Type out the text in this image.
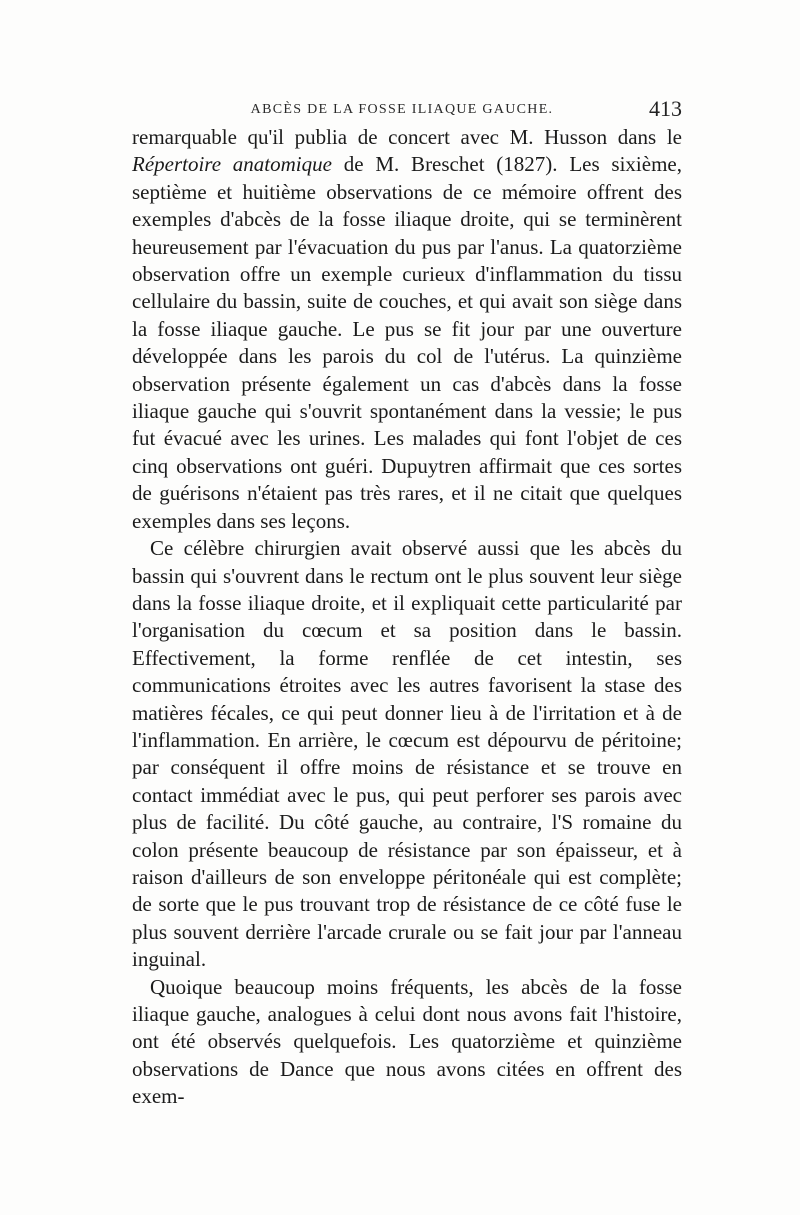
ABCÈS DE LA FOSSE ILIAQUE GAUCHE.	413

remarquable qu'il publia de concert avec M. Husson dans le Répertoire anatomique de M. Breschet (1827). Les sixième, septième et huitième observations de ce mémoire offrent des exemples d'abcès de la fosse iliaque droite, qui se terminèrent heureusement par l'évacuation du pus par l'anus. La quatorzième observation offre un exemple curieux d'inflammation du tissu cellulaire du bassin, suite de couches, et qui avait son siège dans la fosse iliaque gauche. Le pus se fit jour par une ouverture développée dans les parois du col de l'utérus. La quinzième observation présente également un cas d'abcès dans la fosse iliaque gauche qui s'ouvrit spontanément dans la vessie; le pus fut évacué avec les urines. Les malades qui font l'objet de ces cinq observations ont guéri. Dupuytren affirmait que ces sortes de guérisons n'étaient pas très rares, et il ne citait que quelques exemples dans ses leçons.

Ce célèbre chirurgien avait observé aussi que les abcès du bassin qui s'ouvrent dans le rectum ont le plus souvent leur siège dans la fosse iliaque droite, et il expliquait cette particularité par l'organisation du cœcum et sa position dans le bassin. Effectivement, la forme renflée de cet intestin, ses communications étroites avec les autres favorisent la stase des matières fécales, ce qui peut donner lieu à de l'irritation et à de l'inflammation. En arrière, le cœcum est dépourvu de péritoine; par conséquent il offre moins de résistance et se trouve en contact immédiat avec le pus, qui peut perforer ses parois avec plus de facilité. Du côté gauche, au contraire, l'S romaine du colon présente beaucoup de résistance par son épaisseur, et à raison d'ailleurs de son enveloppe péritonéale qui est complète; de sorte que le pus trouvant trop de résistance de ce côté fuse le plus souvent derrière l'arcade crurale ou se fait jour par l'anneau inguinal.

Quoique beaucoup moins fréquents, les abcès de la fosse iliaque gauche, analogues à celui dont nous avons fait l'histoire, ont été observés quelquefois. Les quatorzième et quinzième observations de Dance que nous avons citées en offrent des exem-
